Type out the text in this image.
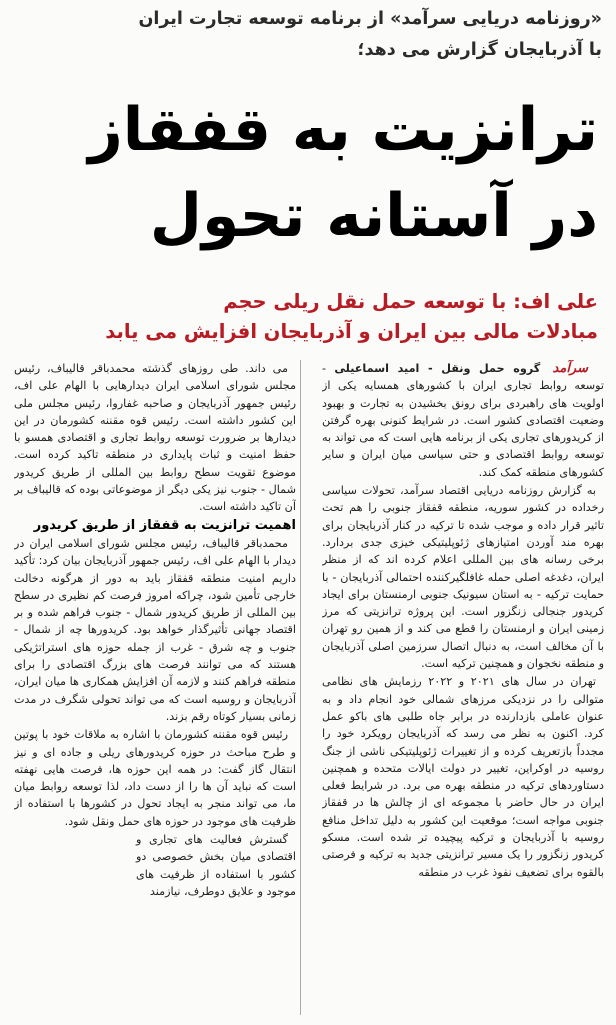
«روزنامه دریایی سرآمد» از برنامه توسعه تجارت ایران
با آذربایجان گزارش می دهد؛
ترانزیت به قفقاز
در آستانه تحول
علی اف: با توسعه حمل نقل ریلی حجم
مبادلات مالی بین ایران و آذربایجان افزایش می یابد

سرآمد گروه حمل ونقل - امید اسماعیلی - توسعه روابط تجاری ایران با کشورهای همسایه یکی از اولویت های راهبردی برای رونق بخشیدن به تجارت و بهبود وضعیت اقتصادی کشور است. در شرایط کنونی بهره گرفتن از کریدورهای تجاری یکی از برنامه هایی است که می تواند به توسعه روابط اقتصادی و حتی سیاسی میان ایران و سایر کشورهای منطقه کمک کند.

به گزارش روزنامه دریایی اقتصاد سرآمد، تحولات سیاسی رخداده در کشور سوریه، منطقه قفقاز جنوبی را هم تحت تاثیر قرار داده و موجب شده تا ترکیه در کنار آذربایجان برای بهره مند آوردن امتیازهای ژئوپلیتیکی خیزی جدی بردارد. برخی رسانه های بین المللی اعلام کرده اند که از منظر ایران، دغدغه اصلی حمله غافلگیرکننده احتمالی آذربایجان - با حمایت ترکیه - به استان سیونیک جنوبی ارمنستان برای ایجاد کریدور جنجالی زنگزور است. این پروژه ترانزیتی که مرز زمینی ایران و ارمنستان را قطع می کند و از همین رو تهران با آن مخالف است، به دنبال اتصال سرزمین اصلی آذربایجان و منطقه نخجوان و همچنین ترکیه است.

تهران در سال های ۲۰۲۱ و ۲۰۲۲ رزمایش های نظامی متوالی را در نزدیکی مرزهای شمالی خود انجام داد و به عنوان عاملی بازدارنده در برابر جاه طلبی های باکو عمل کرد. اکنون به نظر می رسد که آذربایجان رویکرد خود را مجدداً بازتعریف کرده و از تغییرات ژئوپلیتیکی ناشی از جنگ روسیه در اوکراین، تغییر در دولت ایالات متحده و همچنین دستاوردهای ترکیه در منطقه بهره می برد. در شرایط فعلی ایران در حال حاضر با مجموعه ای از چالش ها در قفقاز جنوبی مواجه است؛ موقعیت این کشور به دلیل تداخل منافع روسیه با آذربایجان و ترکیه پیچیده تر شده است. مسکو کریدور زنگزور را یک مسیر ترانزیتی جدید به ترکیه و فرصتی بالقوه برای تضعیف نفوذ غرب در منطقه

می داند. طی روزهای گذشته محمدباقر قالیباف، رئیس مجلس شورای اسلامی ایران دیدارهایی با الهام علی اف، رئیس جمهور آذربایجان و صاحبه غفاروا، رئیس مجلس ملی این کشور داشته است. رئیس قوه مقننه کشورمان در این دیدارها بر ضرورت توسعه روابط تجاری و اقتصادی همسو با حفظ امنیت و ثبات پایداری در منطقه تاکید کرده است. موضوع تقویت سطح روابط بین المللی از طریق کریدور شمال - جنوب نیز یکی دیگر از موضوعاتی بوده که قالیباف بر آن تاکید داشته است.

اهمیت ترانزیت به قفقاز از طریق کریدور

محمدباقر قالیباف، رئیس مجلس شورای اسلامی ایران در دیدار با الهام علی اف، رئیس جمهور آذربایجان بیان کرد: تأکید داریم امنیت منطقه قفقاز باید به دور از هرگونه دخالت خارجی تأمین شود، چراکه امروز فرصت کم نظیری در سطح بین المللی از طریق کریدور شمال - جنوب فراهم شده و بر اقتصاد جهانی تأثیرگذار خواهد بود. کریدورها چه از شمال - جنوب و چه شرق - غرب از جمله حوزه های استراتژیکی هستند که می توانند فرصت های بزرگ اقتصادی را برای منطقه فراهم کنند و لازمه آن افزایش همکاری ها میان ایران، آذربایجان و روسیه است که می تواند تحولی شگرف در مدت زمانی بسیار کوتاه رقم بزند.

رئیس قوه مقننه کشورمان با اشاره به ملاقات خود با پوتین و طرح مباحث در حوزه کریدورهای ریلی و جاده ای و نیز انتقال گاز گفت: در همه این حوزه ها، فرصت هایی نهفته است که نباید آن ها را از دست داد، لذا توسعه روابط میان ما، می تواند منجر به ایجاد تحول در کشورها با استفاده از ظرفیت های موجود در حوزه های حمل ونقل شود.

گسترش فعالیت های تجاری و اقتصادی میان بخش خصوصی دو کشور با استفاده از ظرفیت های موجود و علایق دوطرف، نیازمند
